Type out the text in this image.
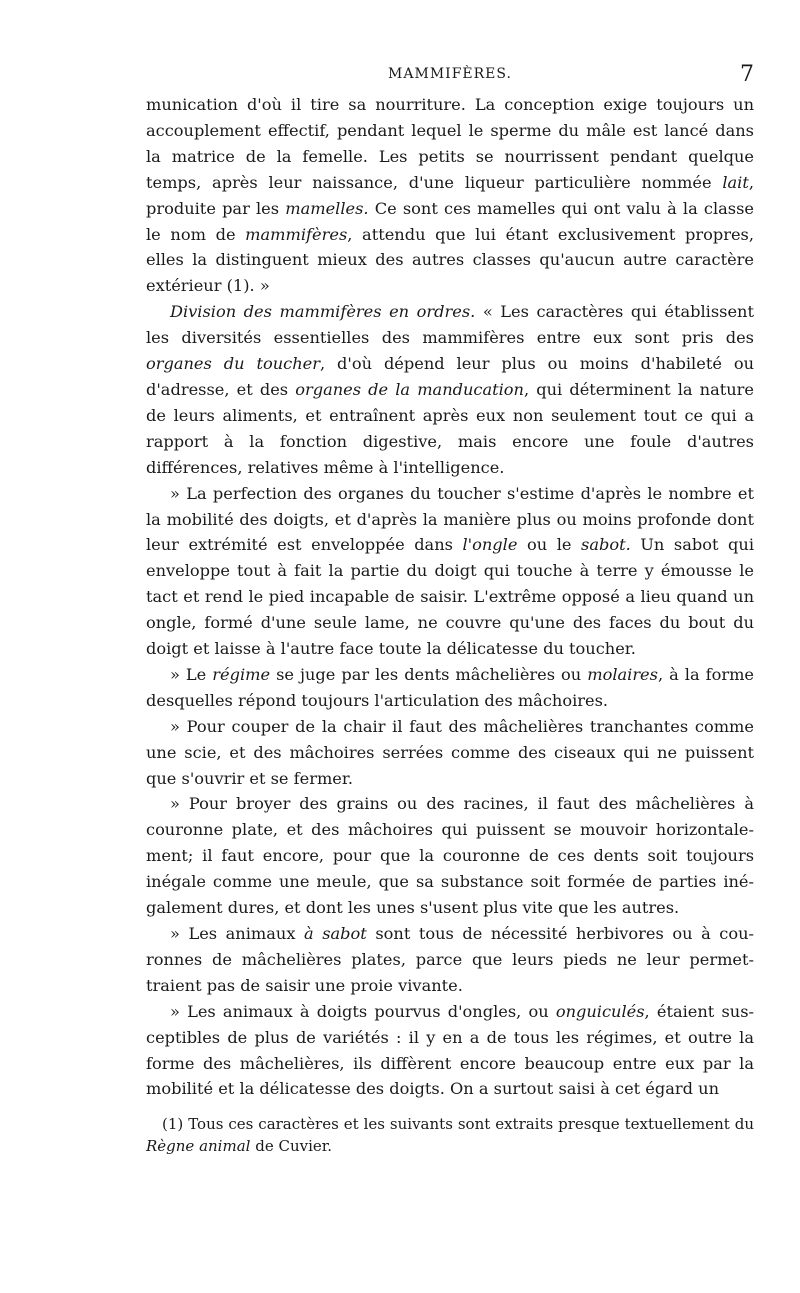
MAMMIFÈRES.	7

munication d'où il tire sa nourriture. La conception exige toujours un accouplement effectif, pendant lequel le sperme du mâle est lancé dans la matrice de la femelle. Les petits se nourrissent pendant quelque temps, après leur naissance, d'une liqueur particulière nommée lait, produite par les mamelles. Ce sont ces mamelles qui ont valu à la classe le nom de mammifères, attendu que lui étant exclusivement propres, elles la distinguent mieux des autres classes qu'aucun autre caractère extérieur (1). »

Division des mammifères en ordres. « Les caractères qui établissent les diversités essentielles des mammifères entre eux sont pris des organes du toucher, d'où dépend leur plus ou moins d'habileté ou d'adresse, et des organes de la manducation, qui déterminent la nature de leurs aliments, et entraînent après eux non seulement tout ce qui a rapport à la fonction digestive, mais encore une foule d'autres différences, relatives même à l'intelligence.

» La perfection des organes du toucher s'estime d'après le nombre et la mobilité des doigts, et d'après la manière plus ou moins profonde dont leur extrémité est enveloppée dans l'ongle ou le sabot. Un sabot qui enveloppe tout à fait la partie du doigt qui touche à terre y émousse le tact et rend le pied incapable de saisir. L'extrême opposé a lieu quand un ongle, formé d'une seule lame, ne couvre qu'une des faces du bout du doigt et laisse à l'autre face toute la délicatesse du toucher.

» Le régime se juge par les dents mâchelières ou molaires, à la forme desquelles répond toujours l'articulation des mâchoires.

» Pour couper de la chair il faut des mâchelières tranchantes comme une scie, et des mâchoires serrées comme des ciseaux qui ne puissent que s'ouvrir et se fermer.

» Pour broyer des grains ou des racines, il faut des mâchelières à couronne plate, et des mâchoires qui puissent se mouvoir horizontalement; il faut encore, pour que la couronne de ces dents soit toujours inégale comme une meule, que sa substance soit formée de parties inégalement dures, et dont les unes s'usent plus vite que les autres.

» Les animaux à sabot sont tous de nécessité herbivores ou à couronnes de mâchelières plates, parce que leurs pieds ne leur permettraient pas de saisir une proie vivante.

» Les animaux à doigts pourvus d'ongles, ou onguiculés, étaient susceptibles de plus de variétés : il y en a de tous les régimes, et outre la forme des mâchelières, ils diffèrent encore beaucoup entre eux par la mobilité et la délicatesse des doigts. On a surtout saisi à cet égard un

(1) Tous ces caractères et les suivants sont extraits presque textuellement du Règne animal de Cuvier.
